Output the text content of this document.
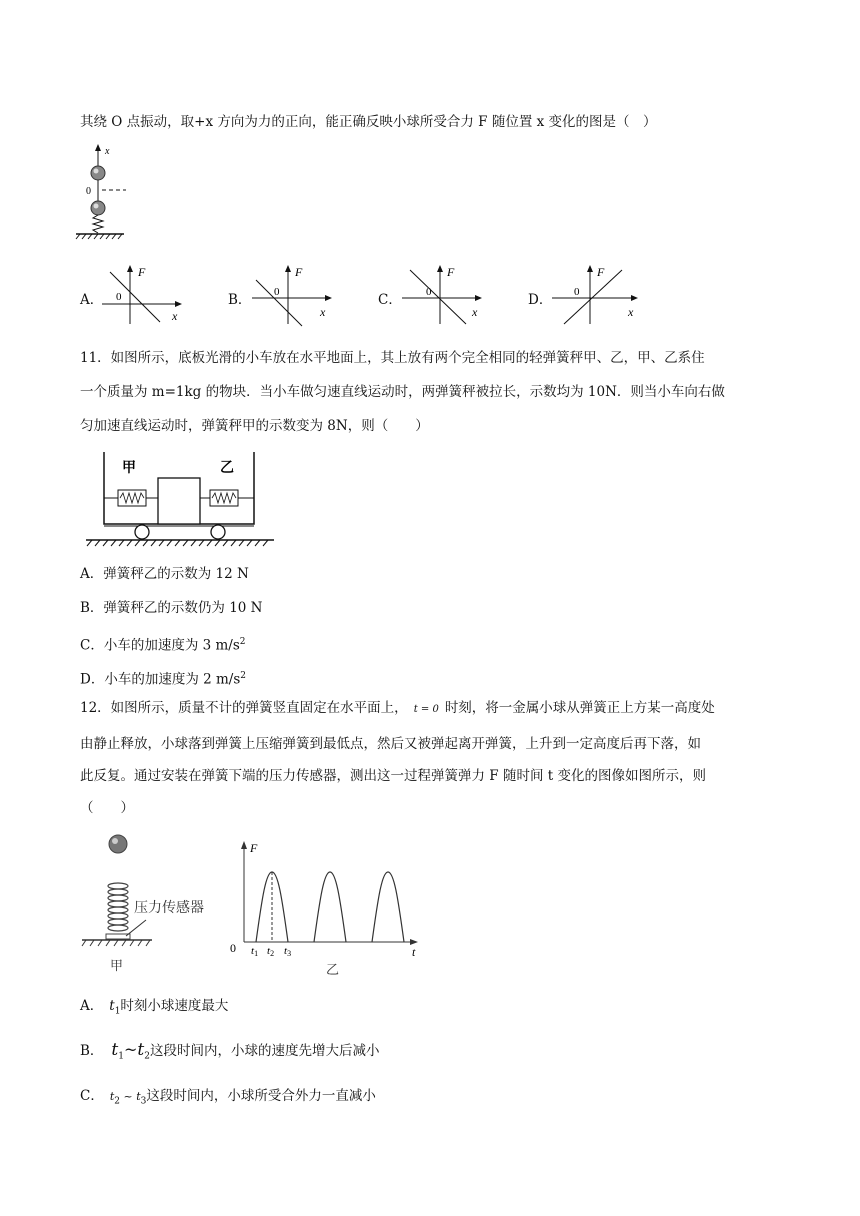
其绕 O 点振动，取+x 方向为力的正向，能正确反映小球所受合力 F 随位置 x 变化的图是（　）
x
0
A．
F
x
0	B．
F
x
0	C．
F
x
0	D．
F
x
0
11．如图所示，底板光滑的小车放在水平地面上，其上放有两个完全相同的轻弹簧秤甲、乙，甲、乙系住
一个质量为 m=1kg 的物块．当小车做匀速直线运动时，两弹簧秤被拉长，示数均为 10N．则当小车向右做
匀加速直线运动时，弹簧秤甲的示数变为 8N，则（　　）
甲	乙
A．弹簧秤乙的示数为 12 N
B．弹簧秤乙的示数仍为 10 N
C．小车的加速度为 3 $m/s^2$
D．小车的加速度为 2 $m/s^2$
12．如图所示，质量不计的弹簧竖直固定在水平面上， t = 0 时刻，将一金属小球从弹簧正上方某一高度处
由静止释放，小球落到弹簧上压缩弹簧到最低点，然后又被弹起离开弹簧，上升到一定高度后再下落，如
此反复。通过安装在弹簧下端的压力传感器，测出这一过程弹簧弹力 F 随时间 t 变化的图像如图所示，则
（　　）
压力传感器
甲
F
t
0 t1 t2 t3
乙
A． $t_1$时刻小球速度最大
B． $t_1\sim t_2$这段时间内，小球的速度先增大后减小
C． $t_2$ ~ $t_3$这段时间内，小球所受合外力一直减小
